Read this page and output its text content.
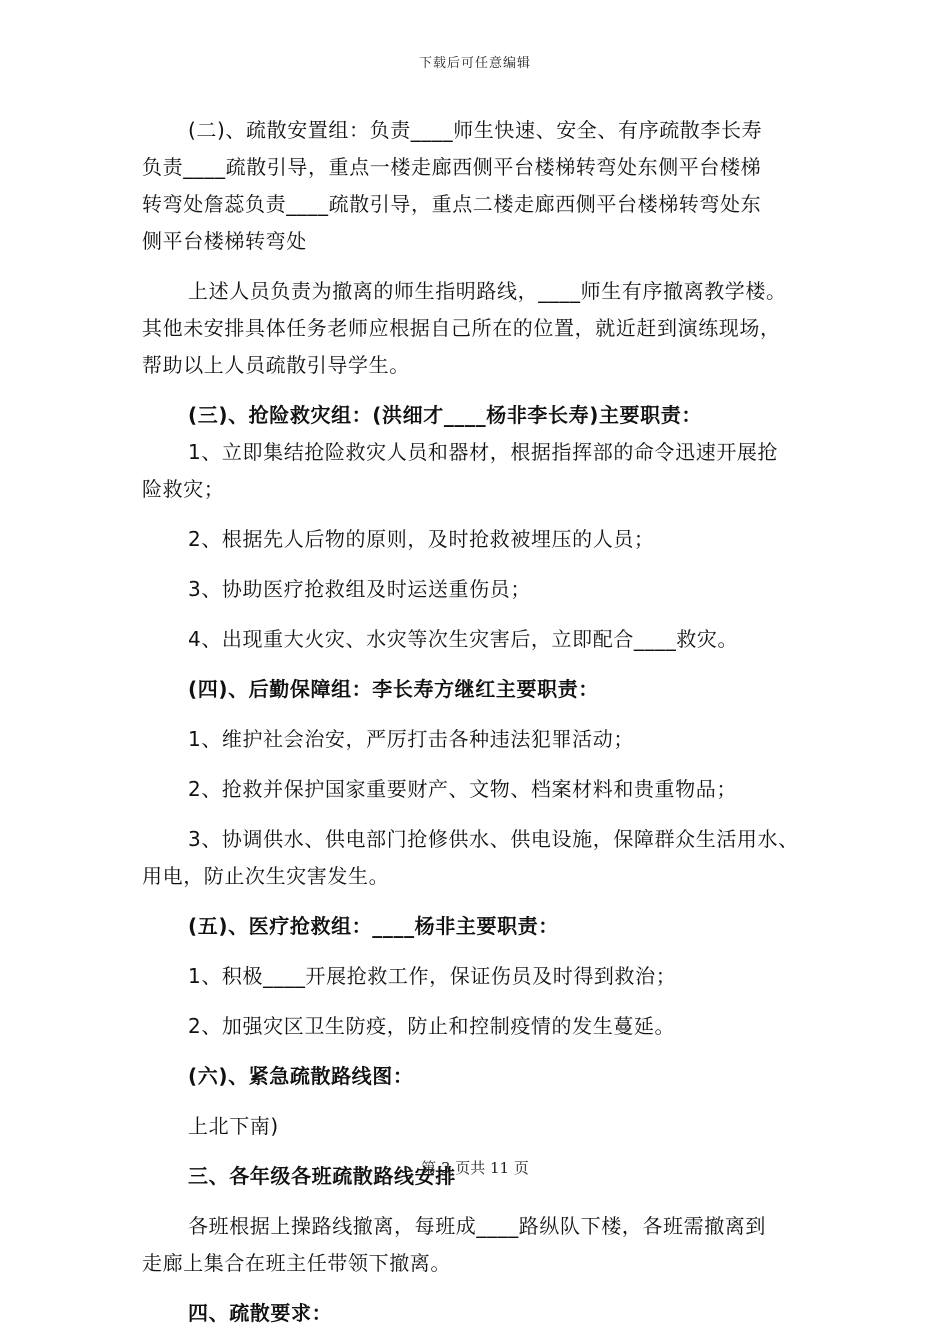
下载后可任意编辑
(二)、疏散安置组：负责____师生快速、安全、有序疏散李长寿
负责____疏散引导，重点一楼走廊西侧平台楼梯转弯处东侧平台楼梯
转弯处詹蕊负责____疏散引导，重点二楼走廊西侧平台楼梯转弯处东
侧平台楼梯转弯处
上述人员负责为撤离的师生指明路线，____师生有序撤离教学楼。
其他未安排具体任务老师应根据自己所在的位置，就近赶到演练现场，
帮助以上人员疏散引导学生。
(三)、抢险救灾组：(洪细才____杨非李长寿)主要职责：
1、立即集结抢险救灾人员和器材，根据指挥部的命令迅速开展抢
险救灾；
2、根据先人后物的原则，及时抢救被埋压的人员；
3、协助医疗抢救组及时运送重伤员；
4、出现重大火灾、水灾等次生灾害后，立即配合____救灾。
(四)、后勤保障组：李长寿方继红主要职责：
1、维护社会治安，严厉打击各种违法犯罪活动；
2、抢救并保护国家重要财产、文物、档案材料和贵重物品；
3、协调供水、供电部门抢修供水、供电设施，保障群众生活用水、
用电，防止次生灾害发生。
(五)、医疗抢救组：____杨非主要职责：
1、积极____开展抢救工作，保证伤员及时得到救治；
2、加强灾区卫生防疫，防止和控制疫情的发生蔓延。
(六)、紧急疏散路线图：
上北下南)
三、各年级各班疏散路线安排
各班根据上操路线撤离，每班成____路纵队下楼，各班需撤离到
走廊上集合在班主任带领下撤离。
四、疏散要求：
第 3 页共 11 页
